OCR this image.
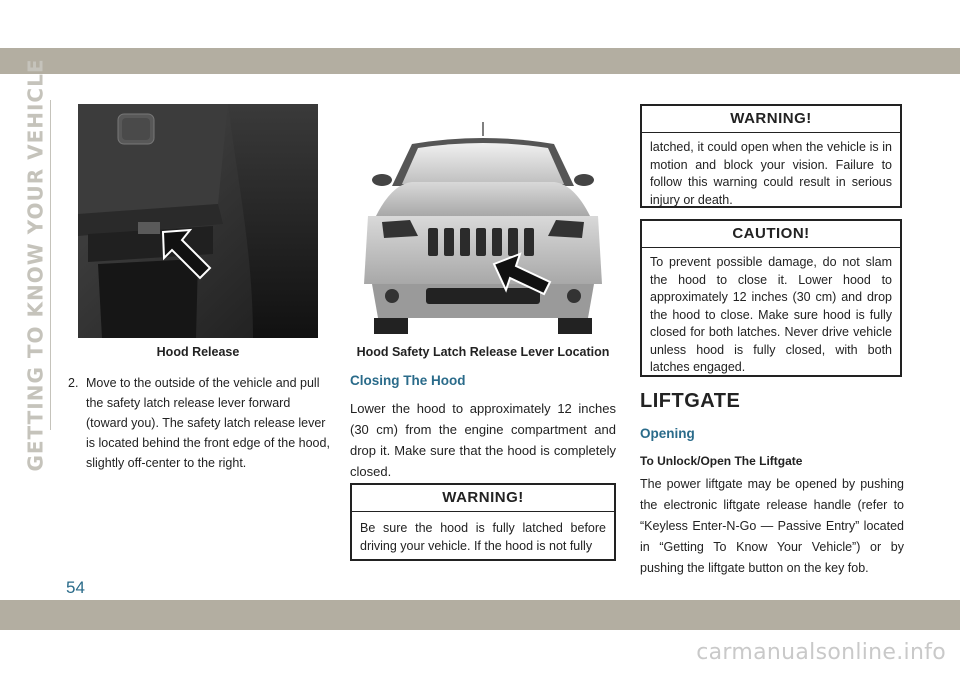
carmanualsonline.info
GETTING TO KNOW YOUR VEHICLE
54
Hood Release	Hood Safety Latch Release Lever Location
2. Move to the outside of the vehicle and pull the safety latch release lever forward (toward you). The safety latch release lever is located behind the front edge of the hood, slightly off-center to the right.
Closing The Hood
Lower the hood to approximately 12 inches (30 cm) from the engine compartment and drop it. Make sure that the hood is completely closed.
WARNING!
Be sure the hood is fully latched before driving your vehicle. If the hood is not fully
WARNING!
latched, it could open when the vehicle is in motion and block your vision. Failure to follow this warning could result in serious injury or death.
CAUTION!
To prevent possible damage, do not slam the hood to close it. Lower hood to approximately 12 inches (30 cm) and drop the hood to close. Make sure hood is fully closed for both latches. Never drive vehicle unless hood is fully closed, with both latches engaged.
LIFTGATE
Opening
To Unlock/Open The Liftgate
The power liftgate may be opened by pushing the electronic liftgate release handle (refer to “Keyless Enter-N-Go — Passive Entry” located in “Getting To Know Your Vehicle”) or by pushing the liftgate button on the key fob.
